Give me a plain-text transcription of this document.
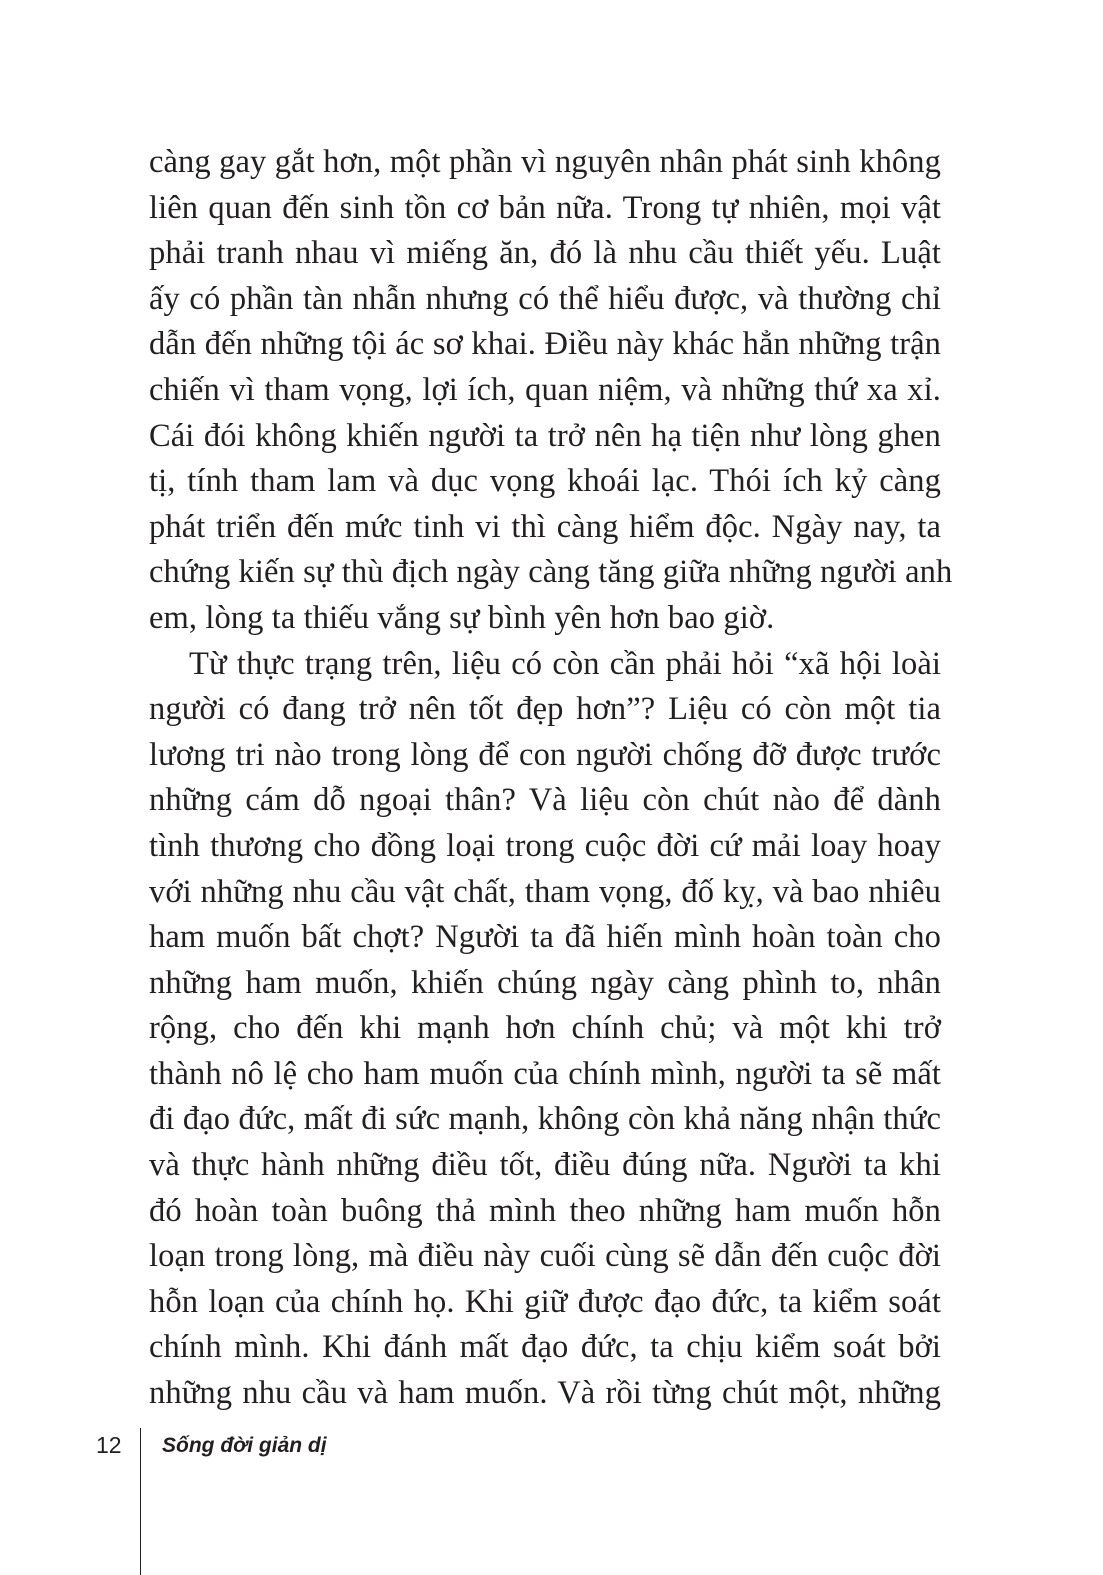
càng gay gắt hơn, một phần vì nguyên nhân phát sinh không
liên quan đến sinh tồn cơ bản nữa. Trong tự nhiên, mọi vật
phải tranh nhau vì miếng ăn, đó là nhu cầu thiết yếu. Luật
ấy có phần tàn nhẫn nhưng có thể hiểu được, và thường chỉ
dẫn đến những tội ác sơ khai. Điều này khác hẳn những trận
chiến vì tham vọng, lợi ích, quan niệm, và những thứ xa xỉ.
Cái đói không khiến người ta trở nên hạ tiện như lòng ghen
tị, tính tham lam và dục vọng khoái lạc. Thói ích kỷ càng
phát triển đến mức tinh vi thì càng hiểm độc. Ngày nay, ta
chứng kiến sự thù địch ngày càng tăng giữa những người anh
em, lòng ta thiếu vắng sự bình yên hơn bao giờ.
Từ thực trạng trên, liệu có còn cần phải hỏi “xã hội loài
người có đang trở nên tốt đẹp hơn”? Liệu có còn một tia
lương tri nào trong lòng để con người chống đỡ được trước
những cám dỗ ngoại thân? Và liệu còn chút nào để dành
tình thương cho đồng loại trong cuộc đời cứ mải loay hoay
với những nhu cầu vật chất, tham vọng, đố kỵ, và bao nhiêu
ham muốn bất chợt? Người ta đã hiến mình hoàn toàn cho
những ham muốn, khiến chúng ngày càng phình to, nhân
rộng, cho đến khi mạnh hơn chính chủ; và một khi trở
thành nô lệ cho ham muốn của chính mình, người ta sẽ mất
đi đạo đức, mất đi sức mạnh, không còn khả năng nhận thức
và thực hành những điều tốt, điều đúng nữa. Người ta khi
đó hoàn toàn buông thả mình theo những ham muốn hỗn
loạn trong lòng, mà điều này cuối cùng sẽ dẫn đến cuộc đời
hỗn loạn của chính họ. Khi giữ được đạo đức, ta kiểm soát
chính mình. Khi đánh mất đạo đức, ta chịu kiểm soát bởi
những nhu cầu và ham muốn. Và rồi từng chút một, những
12 Sống đời giản dị
